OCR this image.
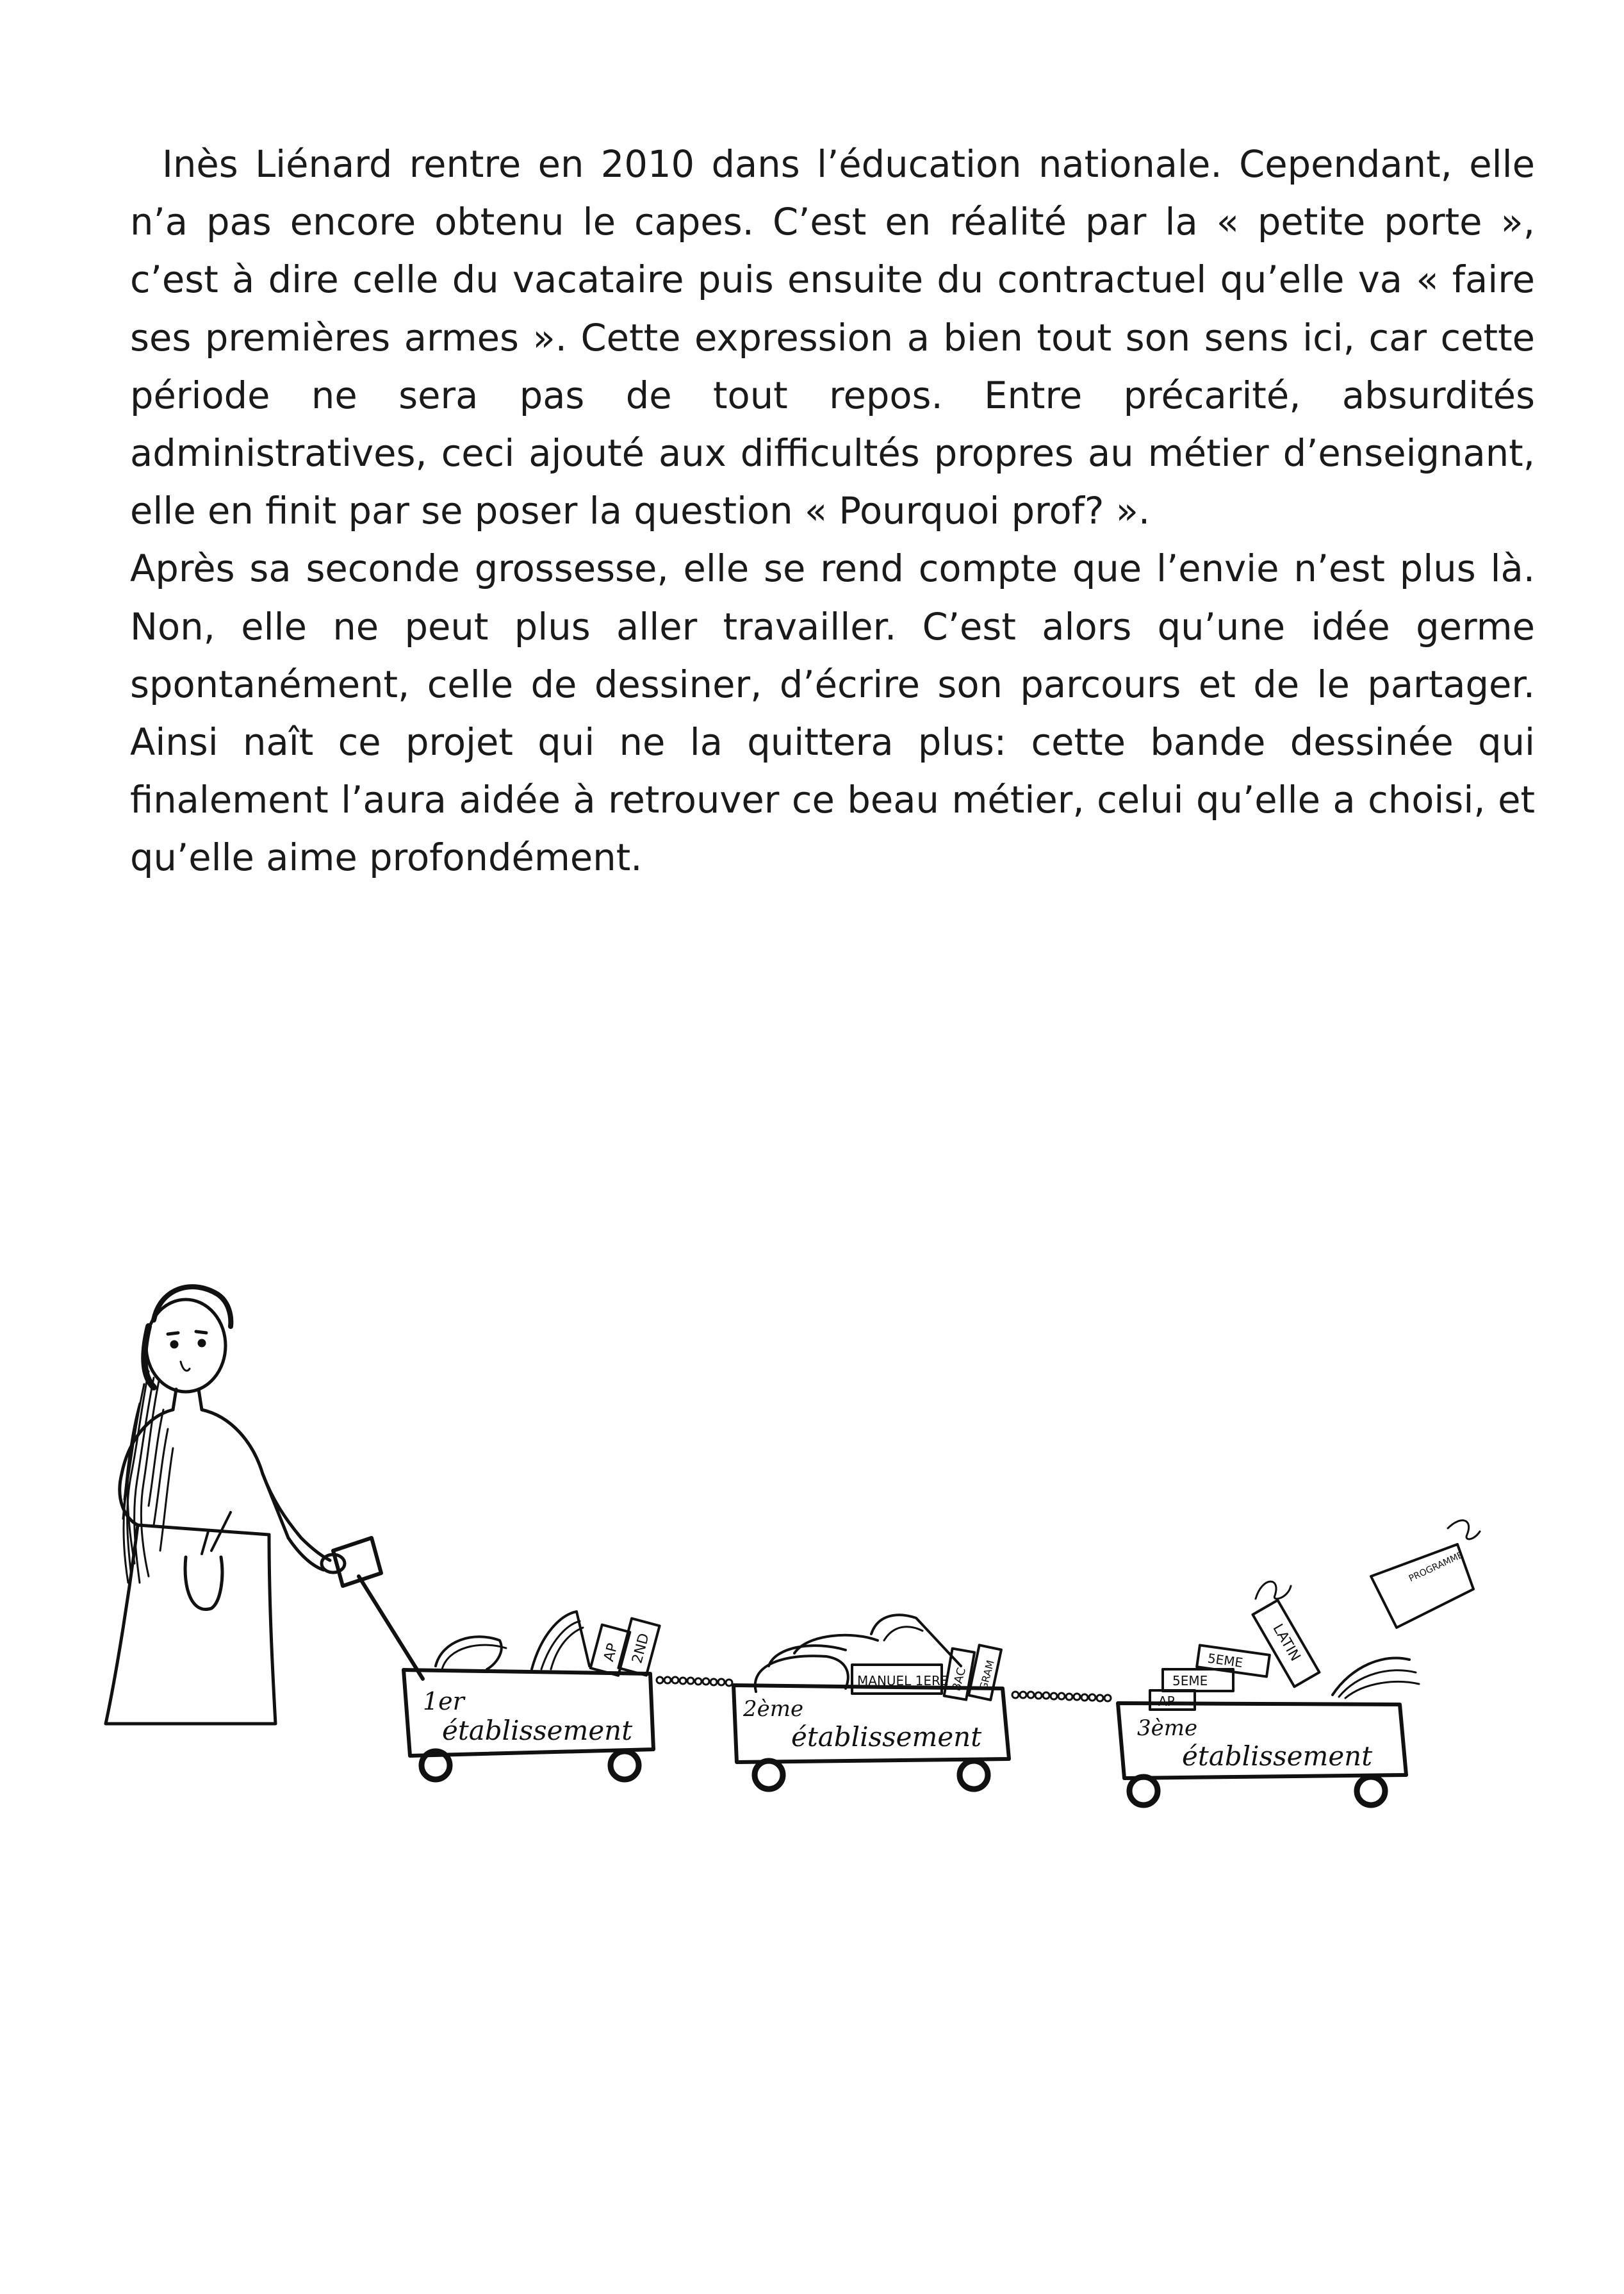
Inès Liénard rentre en 2010 dans l’éducation nationale. Cependant, elle n’a pas encore obtenu le capes. C’est en réalité par la « petite porte », c’est à dire celle du vacataire puis ensuite du contractuel qu’elle va « faire ses premières armes ». Cette expression a bien tout son sens ici, car cette période ne sera pas de tout repos. Entre précarité, absurdités administratives, ceci ajouté aux difficultés propres au métier d’enseignant, elle en finit par se poser la question « Pourquoi prof? ».

Après sa seconde grossesse, elle se rend compte que l’envie n’est plus là. Non, elle ne peut plus aller travailler. C’est alors qu’une idée germe spontanément, celle de dessiner, d’écrire son parcours et de le partager. Ainsi naît ce projet qui ne la quittera plus: cette bande dessinée qui finalement l’aura aidée à retrouver ce beau métier, celui qu’elle a choisi, et qu’elle aime profondément.

AP 2ND
1er
établissement
MANUEL 1ERE BAC GRAM
2ème
établissement
LATIN
PROGRAMME
5EME
5EME
AP
3ème
établissement
